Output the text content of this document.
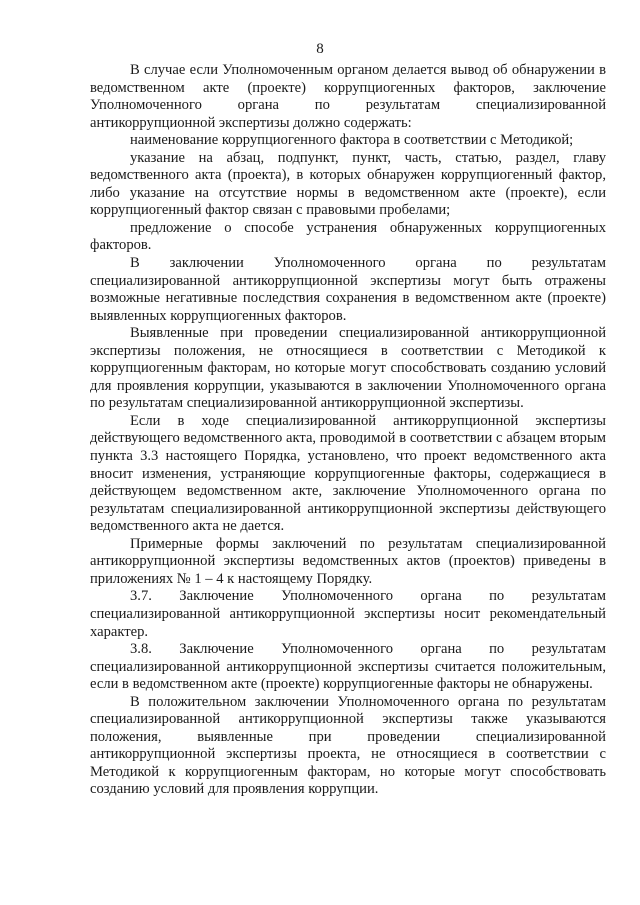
8

В случае если Уполномоченным органом делается вывод об обнаружении в ведомственном акте (проекте) коррупциогенных факторов, заключение Уполномоченного органа по результатам специализированной антикоррупционной экспертизы должно содержать:

наименование коррупциогенного фактора в соответствии с Методикой;

указание на абзац, подпункт, пункт, часть, статью, раздел, главу ведомственного акта (проекта), в которых обнаружен коррупциогенный фактор, либо указание на отсутствие нормы в ведомственном акте (проекте), если коррупциогенный фактор связан с правовыми пробелами;

предложение о способе устранения обнаруженных коррупциогенных факторов.

В заключении Уполномоченного органа по результатам специализированной антикоррупционной экспертизы могут быть отражены возможные негативные последствия сохранения в ведомственном акте (проекте) выявленных коррупциогенных факторов.

Выявленные при проведении специализированной антикоррупционной экспертизы положения, не относящиеся в соответствии с Методикой к коррупциогенным факторам, но которые могут способствовать созданию условий для проявления коррупции, указываются в заключении Уполномоченного органа по результатам специализированной антикоррупционной экспертизы.

Если в ходе специализированной антикоррупционной экспертизы действующего ведомственного акта, проводимой в соответствии с абзацем вторым пункта 3.3 настоящего Порядка, установлено, что проект ведомственного акта вносит изменения, устраняющие коррупциогенные факторы, содержащиеся в действующем ведомственном акте, заключение Уполномоченного органа по результатам специализированной антикоррупционной экспертизы действующего ведомственного акта не дается.

Примерные формы заключений по результатам специализированной антикоррупционной экспертизы ведомственных актов (проектов) приведены в приложениях № 1 – 4 к настоящему Порядку.

3.7. Заключение Уполномоченного органа по результатам специализированной антикоррупционной экспертизы носит рекомендательный характер.

3.8. Заключение Уполномоченного органа по результатам специализированной антикоррупционной экспертизы считается положительным, если в ведомственном акте (проекте) коррупциогенные факторы не обнаружены.

В положительном заключении Уполномоченного органа по результатам специализированной антикоррупционной экспертизы также указываются положения, выявленные при проведении специализированной антикоррупционной экспертизы проекта, не относящиеся в соответствии с Методикой к коррупциогенным факторам, но которые могут способствовать созданию условий для проявления коррупции.
